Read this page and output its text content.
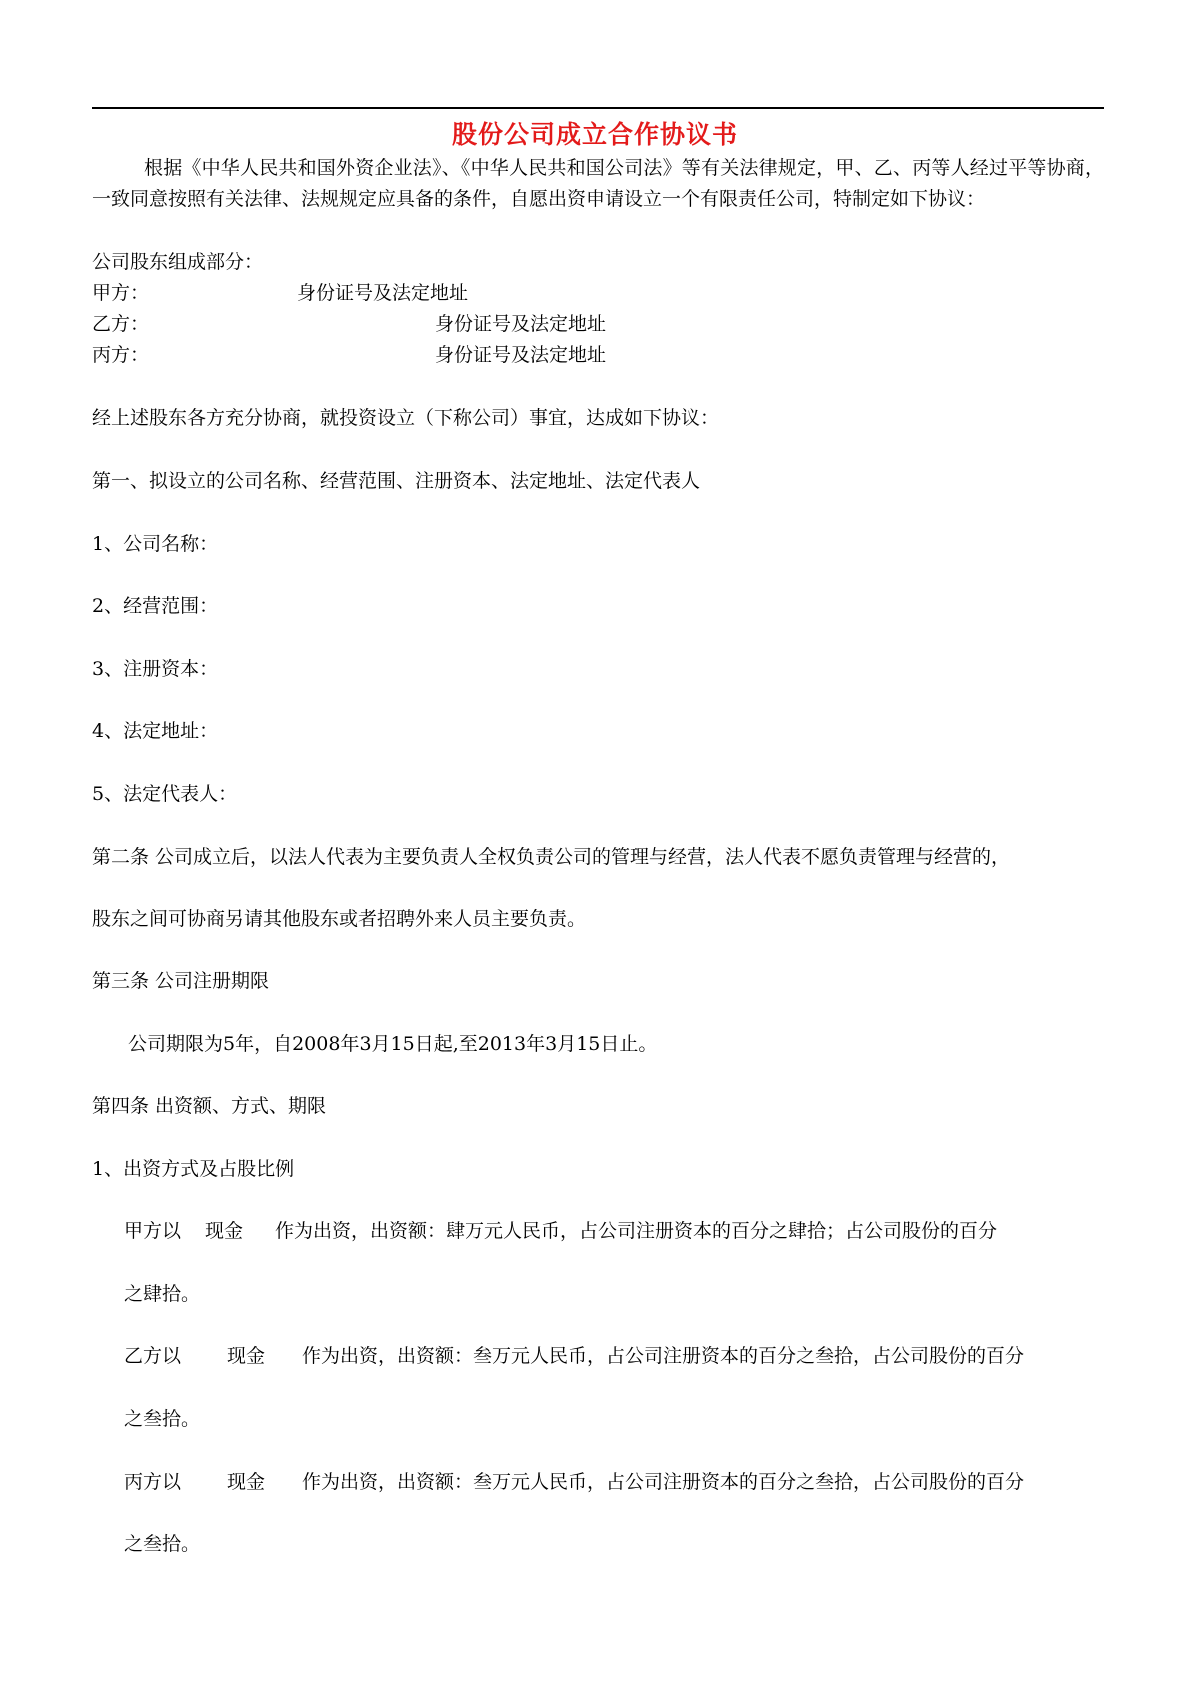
股份公司成立合作协议书
根据《中华人民共和国外资企业法》、《中华人民共和国公司法》等有关法律规定，甲、乙、丙等人经过平等协商，一致同意按照有关法律、法规规定应具备的条件，自愿出资申请设立一个有限责任公司，特制定如下协议：
公司股东组成部分：
甲方：	身份证号及法定地址
乙方：	身份证号及法定地址
丙方：	身份证号及法定地址
经上述股东各方充分协商，就投资设立（下称公司）事宜，达成如下协议：
第一、拟设立的公司名称、经营范围、注册资本、法定地址、法定代表人
1、公司名称：
2、经营范围：
3、注册资本：
4、法定地址：
5、法定代表人：
第二条 公司成立后，以法人代表为主要负责人全权负责公司的管理与经营，法人代表不愿负责管理与经营的，
股东之间可协商另请其他股东或者招聘外来人员主要负责。
第三条 公司注册期限
公司期限为5年，自2008年3月15日起,至2013年3月15日止。
第四条 出资额、方式、期限
1、出资方式及占股比例
甲方以 现金 作为出资，出资额：肆万元人民币，占公司注册资本的百分之肆拾；占公司股份的百分
之肆拾。
乙方以 现金 作为出资，出资额：叁万元人民币，占公司注册资本的百分之叁拾，占公司股份的百分
之叁拾。
丙方以 现金 作为出资，出资额：叁万元人民币，占公司注册资本的百分之叁拾，占公司股份的百分
之叁拾。
